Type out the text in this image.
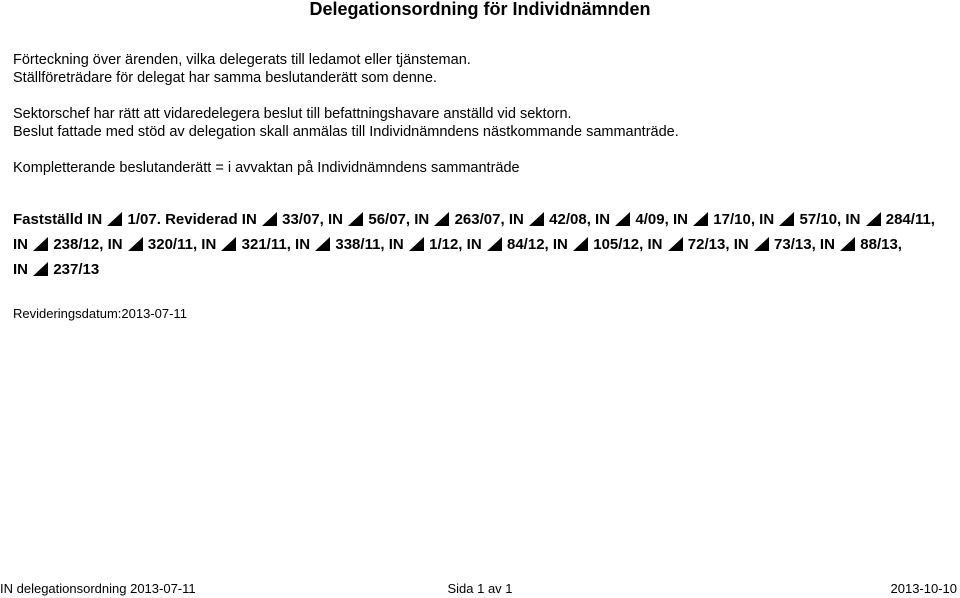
Delegationsordning för Individnämnden
Förteckning över ärenden, vilka delegerats till ledamot eller tjänsteman.
Ställföreträdare för delegat har samma beslutanderätt som denne.
Sektorschef har rätt att vidaredelegera beslut till befattningshavare anställd vid sektorn.
Beslut fattade med stöd av delegation skall anmälas till Individnämndens nästkommande sammanträde.
Kompletterande beslutanderätt = i avvaktan på Individnämndens sammanträde
Fastställd IN 1/07. Reviderad IN 33/07, IN 56/07, IN 263/07, IN 42/08, IN 4/09, IN 17/10, IN 57/10, IN 284/11, IN 238/12, IN 320/11, IN 321/11, IN 338/11, IN 1/12, IN 84/12, IN 105/12, IN 72/13, IN 73/13, IN 88/13, IN 237/13
Revideringsdatum:2013-07-11
IN delegationsordning 2013-07-11	Sida 1 av 1	2013-10-10
